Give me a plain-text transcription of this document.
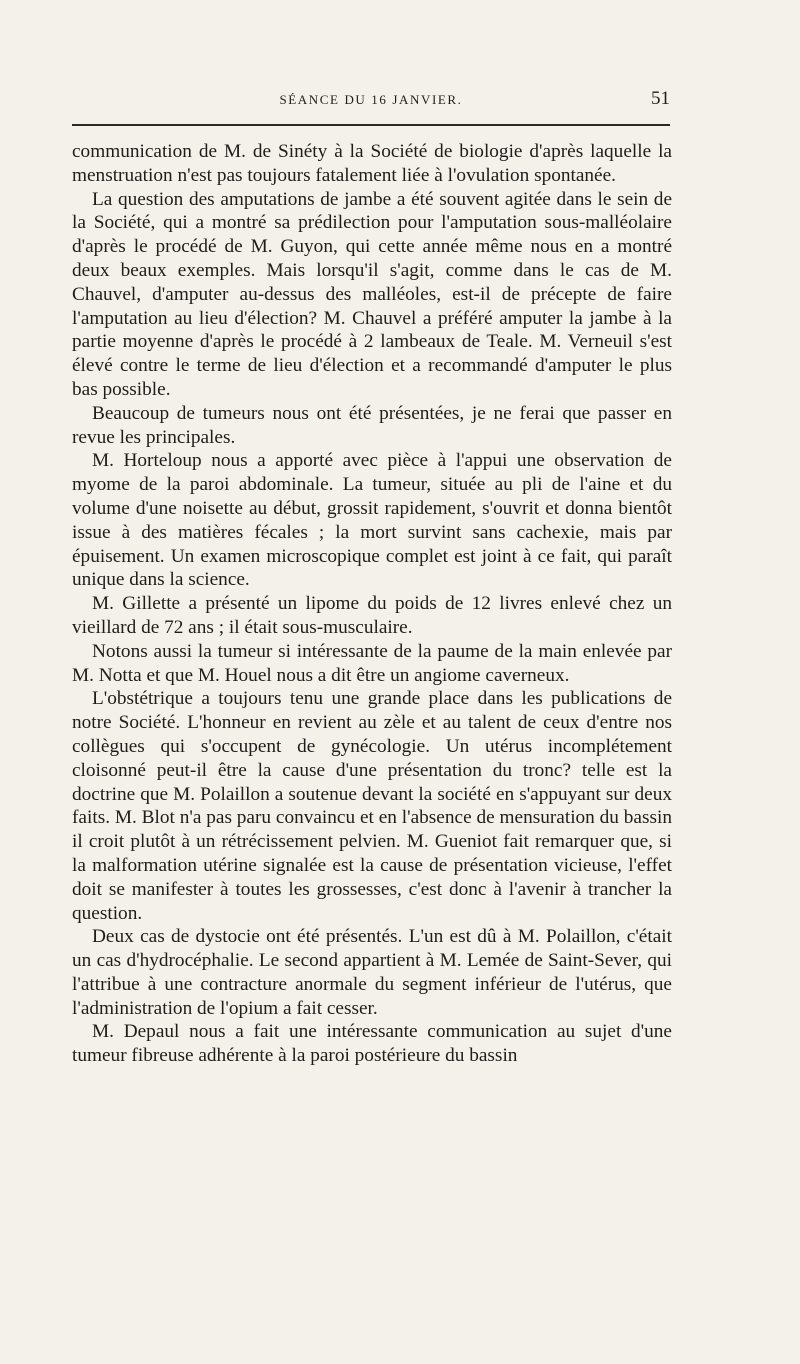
SÉANCE DU 16 JANVIER.	51

communication de M. de Sinéty à la Société de biologie d'après laquelle la menstruation n'est pas toujours fatalement liée à l'ovulation spontanée.

La question des amputations de jambe a été souvent agitée dans le sein de la Société, qui a montré sa prédilection pour l'amputation sous-malléolaire d'après le procédé de M. Guyon, qui cette année même nous en a montré deux beaux exemples. Mais lorsqu'il s'agit, comme dans le cas de M. Chauvel, d'amputer au-dessus des malléoles, est-il de précepte de faire l'amputation au lieu d'élection? M. Chauvel a préféré amputer la jambe à la partie moyenne d'après le procédé à 2 lambeaux de Teale. M. Verneuil s'est élevé contre le terme de lieu d'élection et a recommandé d'amputer le plus bas possible.

Beaucoup de tumeurs nous ont été présentées, je ne ferai que passer en revue les principales.

M. Horteloup nous a apporté avec pièce à l'appui une observation de myome de la paroi abdominale. La tumeur, située au pli de l'aine et du volume d'une noisette au début, grossit rapidement, s'ouvrit et donna bientôt issue à des matières fécales ; la mort survint sans cachexie, mais par épuisement. Un examen microscopique complet est joint à ce fait, qui paraît unique dans la science.

M. Gillette a présenté un lipome du poids de 12 livres enlevé chez un vieillard de 72 ans ; il était sous-musculaire.

Notons aussi la tumeur si intéressante de la paume de la main enlevée par M. Notta et que M. Houel nous a dit être un angiome caverneux.

L'obstétrique a toujours tenu une grande place dans les publications de notre Société. L'honneur en revient au zèle et au talent de ceux d'entre nos collègues qui s'occupent de gynécologie. Un utérus incomplétement cloisonné peut-il être la cause d'une présentation du tronc? telle est la doctrine que M. Polaillon a soutenue devant la société en s'appuyant sur deux faits. M. Blot n'a pas paru convaincu et en l'absence de mensuration du bassin il croit plutôt à un rétrécissement pelvien. M. Gueniot fait remarquer que, si la malformation utérine signalée est la cause de présentation vicieuse, l'effet doit se manifester à toutes les grossesses, c'est donc à l'avenir à trancher la question.

Deux cas de dystocie ont été présentés. L'un est dû à M. Polaillon, c'était un cas d'hydrocéphalie. Le second appartient à M. Lemée de Saint-Sever, qui l'attribue à une contracture anormale du segment inférieur de l'utérus, que l'administration de l'opium a fait cesser.

M. Depaul nous a fait une intéressante communication au sujet d'une tumeur fibreuse adhérente à la paroi postérieure du bassin
